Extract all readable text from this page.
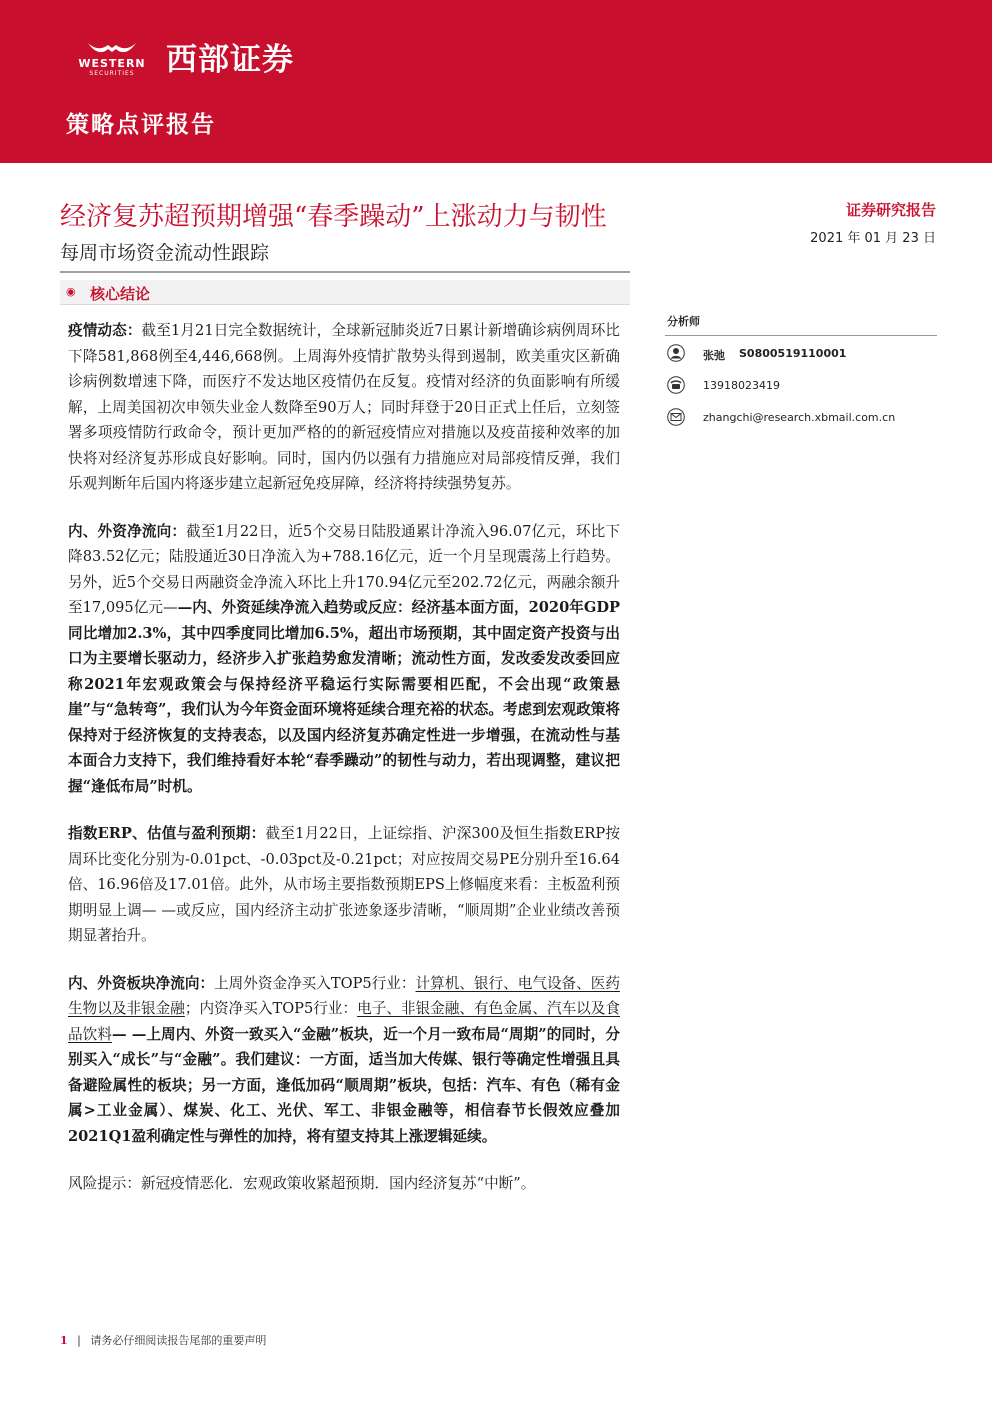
WESTERN
SECURITIES	西部证券
策略点评报告
经济复苏超预期增强“春季躁动”上涨动力与韧性
每周市场资金流动性跟踪
证券研究报告
2021 年 01 月 23 日
◉ 核心结论

疫情动态：截至1月21日完全数据统计，全球新冠肺炎近7日累计新增确诊病例周环比下降581,868例至4,446,668例。上周海外疫情扩散势头得到遏制，欧美重灾区新确诊病例数增速下降，而医疗不发达地区疫情仍在反复。疫情对经济的负面影响有所缓解，上周美国初次申领失业金人数降至90万人；同时拜登于20日正式上任后，立刻签署多项疫情防行政命令，预计更加严格的的新冠疫情应对措施以及疫苗接种效率的加快将对经济复苏形成良好影响。同时，国内仍以强有力措施应对局部疫情反弹，我们乐观判断年后国内将逐步建立起新冠免疫屏障，经济将持续强势复苏。

内、外资净流向：截至1月22日，近5个交易日陆股通累计净流入96.07亿元，环比下降83.52亿元；陆股通近30日净流入为+788.16亿元，近一个月呈现震荡上行趋势。另外，近5个交易日两融资金净流入环比上升170.94亿元至202.72亿元，两融余额升至17,095亿元——内、外资延续净流入趋势或反应：经济基本面方面，2020年GDP同比增加2.3%，其中四季度同比增加6.5%，超出市场预期，其中固定资产投资与出口为主要增长驱动力，经济步入扩张趋势愈发清晰；流动性方面，发改委发改委回应称2021年宏观政策会与保持经济平稳运行实际需要相匹配，不会出现“政策悬崖”与“急转弯”，我们认为今年资金面环境将延续合理充裕的状态。考虑到宏观政策将保持对于经济恢复的支持表态，以及国内经济复苏确定性进一步增强，在流动性与基本面合力支持下，我们维持看好本轮“春季躁动”的韧性与动力，若出现调整，建议把握“逢低布局”时机。

指数ERP、估值与盈利预期：截至1月22日，上证综指、沪深300及恒生指数ERP按周环比变化分别为-0.01pct、-0.03pct及-0.21pct；对应按周交易PE分别升至16.64倍、16.96倍及17.01倍。此外，从市场主要指数预期EPS上修幅度来看：主板盈利预期明显上调— —或反应，国内经济主动扩张迹象逐步清晰，“顺周期”企业业绩改善预期显著抬升。

内、外资板块净流向：上周外资金净买入TOP5行业：计算机、银行、电气设备、医药生物以及非银金融；内资净买入TOP5行业：电子、非银金融、有色金属、汽车以及食品饮料— —上周内、外资一致买入“金融”板块，近一个月一致布局“周期”的同时，分别买入“成长”与“金融”。我们建议：一方面，适当加大传媒、银行等确定性增强且具备避险属性的板块；另一方面，逢低加码“顺周期”板块，包括：汽车、有色（稀有金属>工业金属）、煤炭、化工、光伏、军工、非银金融等，相信春节长假效应叠加2021Q1盈利确定性与弹性的加持，将有望支持其上涨逻辑延续。

风险提示：新冠疫情恶化．宏观政策收紧超预期．国内经济复苏“中断”。

分析师
张弛 S0800519110001
13918023419
zhangchi@research.xbmail.com.cn
1 | 请务必仔细阅读报告尾部的重要声明
